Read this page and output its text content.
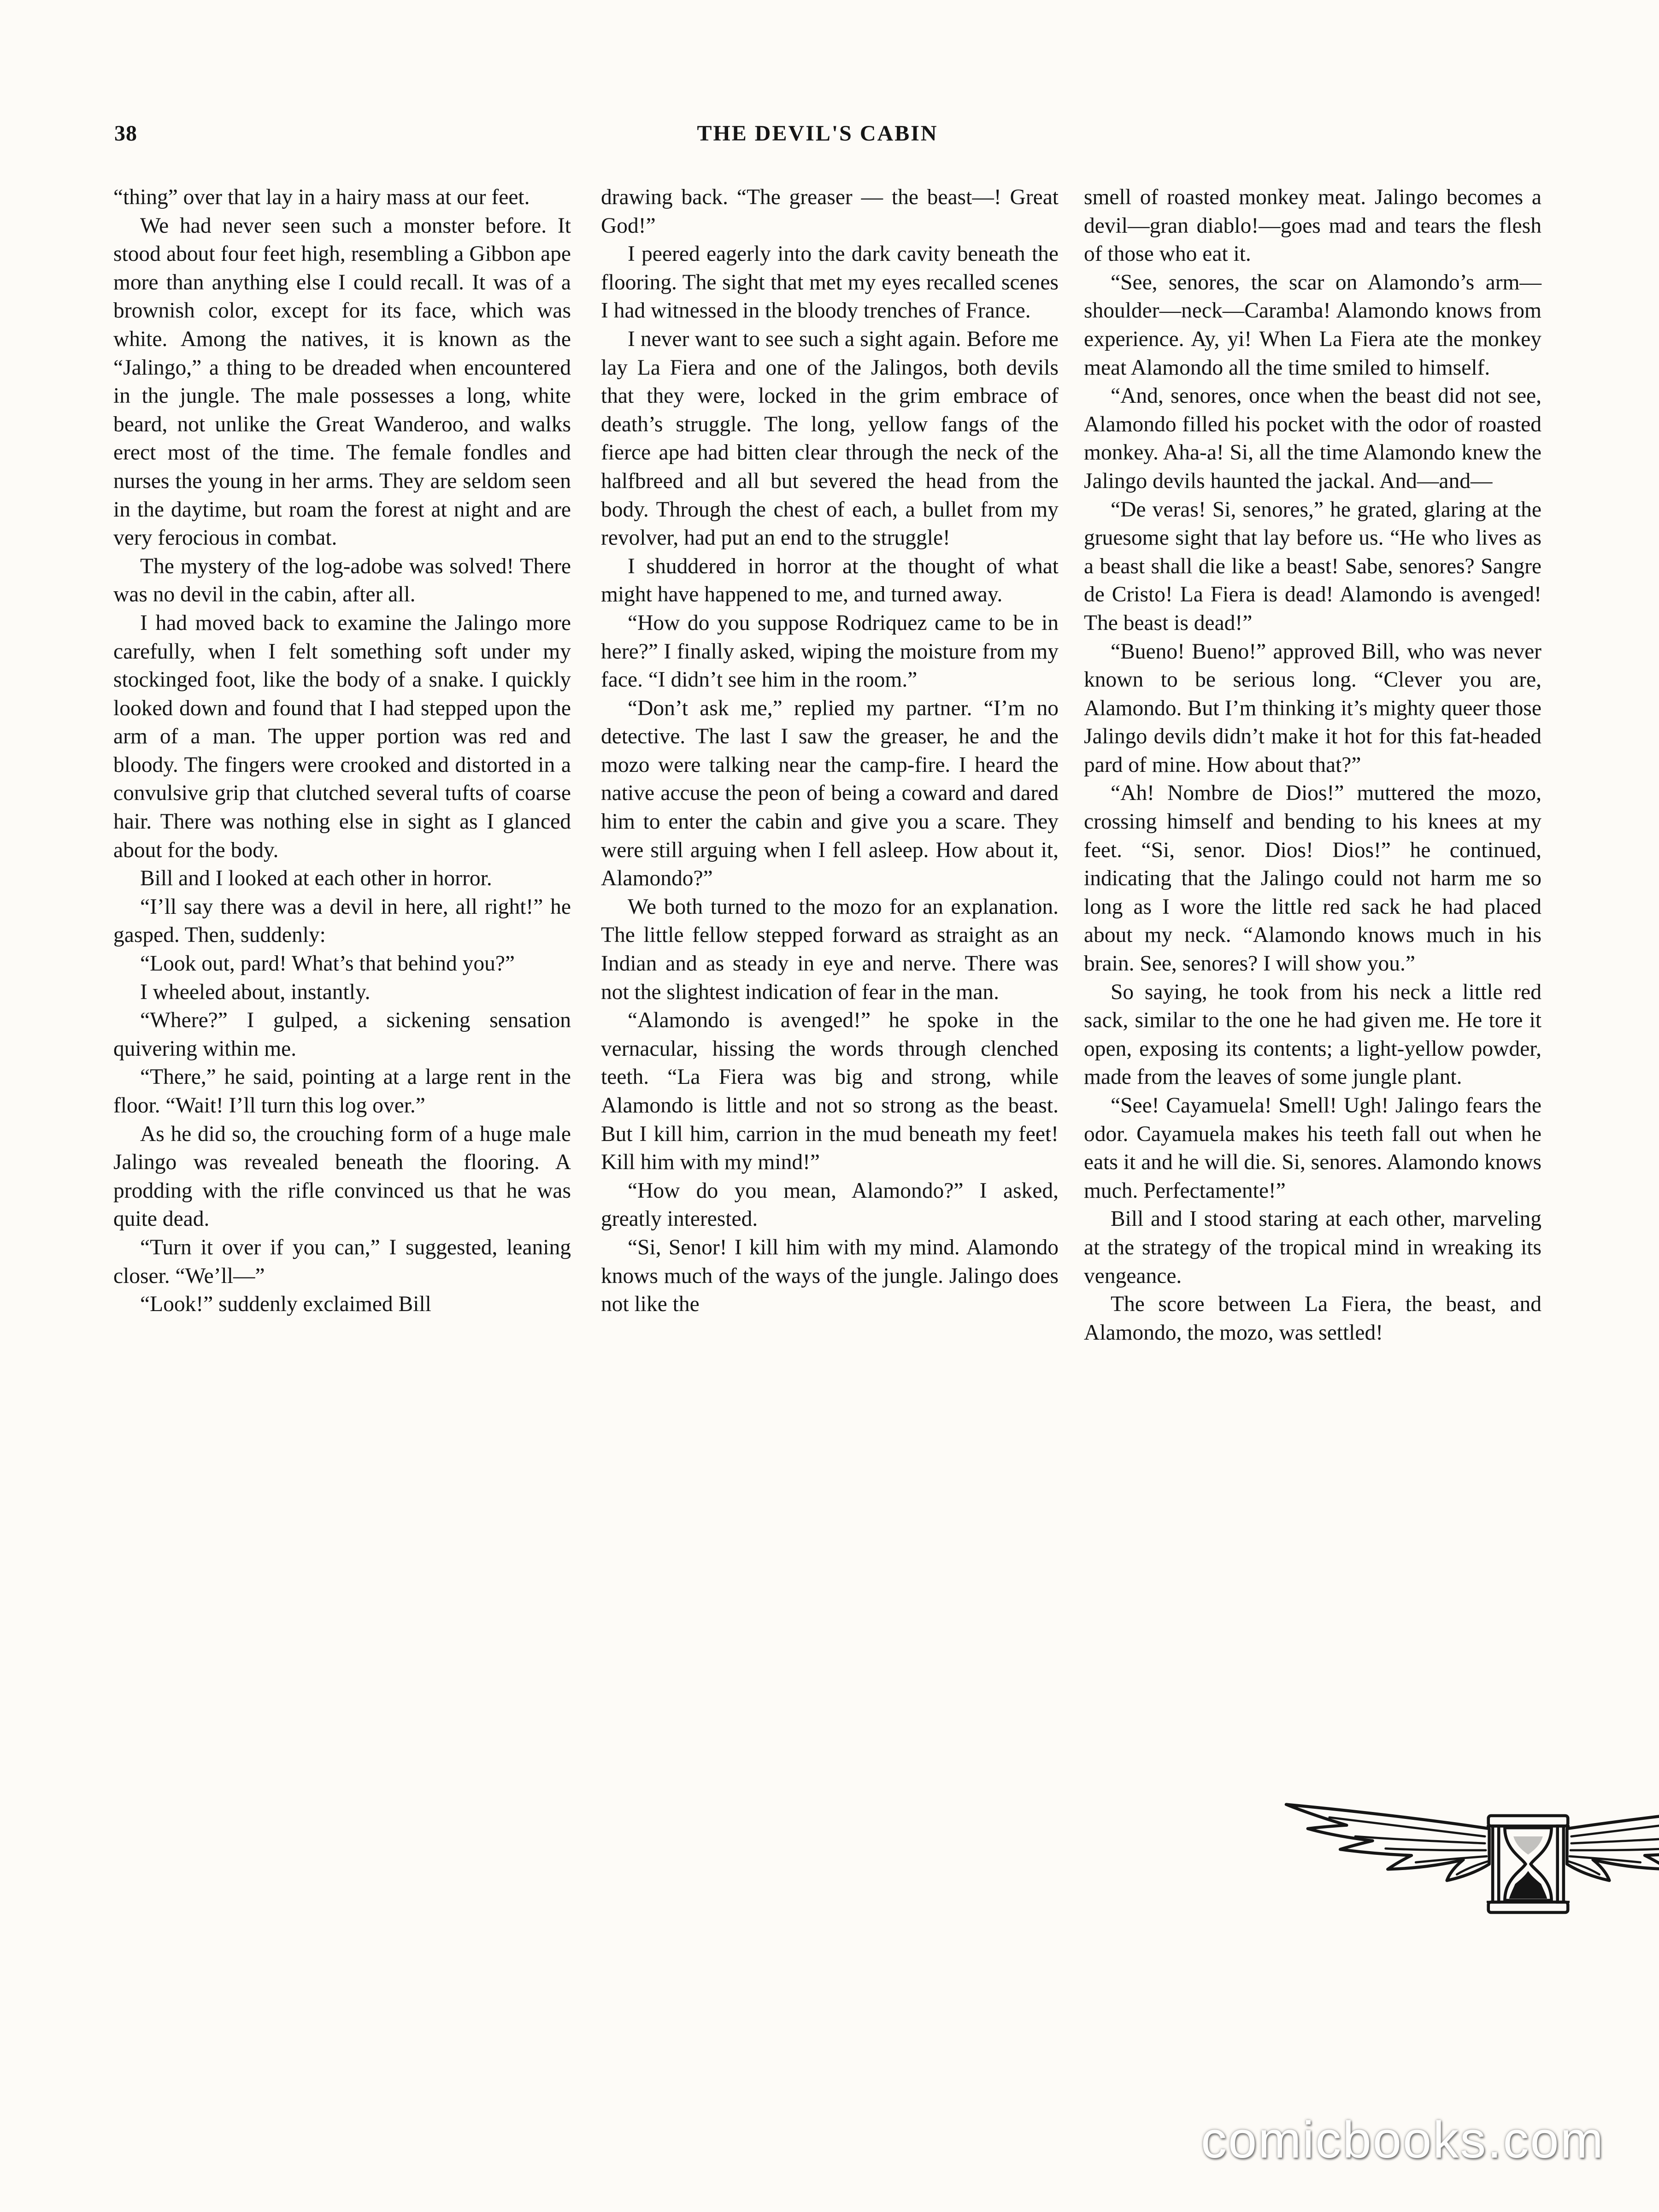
38	THE DEVIL'S CABIN

“thing” over that lay in a hairy mass at our feet.

We had never seen such a monster before. It stood about four feet high, resembling a Gibbon ape more than anything else I could recall. It was of a brownish color, except for its face, which was white. Among the natives, it is known as the “Jalingo,” a thing to be dreaded when encountered in the jungle. The male possesses a long, white beard, not unlike the Great Wanderoo, and walks erect most of the time. The female fondles and nurses the young in her arms. They are seldom seen in the daytime, but roam the forest at night and are very ferocious in combat.

The mystery of the log-adobe was solved! There was no devil in the cabin, after all.

I had moved back to examine the Jalingo more carefully, when I felt something soft under my stockinged foot, like the body of a snake. I quickly looked down and found that I had stepped upon the arm of a man. The upper portion was red and bloody. The fingers were crooked and distorted in a convulsive grip that clutched several tufts of coarse hair. There was nothing else in sight as I glanced about for the body.

Bill and I looked at each other in horror.

“I’ll say there was a devil in here, all right!” he gasped. Then, suddenly:

“Look out, pard! What’s that behind you?”

I wheeled about, instantly.

“Where?” I gulped, a sickening sensation quivering within me.

“There,” he said, pointing at a large rent in the floor. “Wait! I’ll turn this log over.”

As he did so, the crouching form of a huge male Jalingo was revealed beneath the flooring. A prodding with the rifle convinced us that he was quite dead.

“Turn it over if you can,” I suggested, leaning closer. “We’ll—”

“Look!” suddenly exclaimed Bill

drawing back. “The greaser — the beast—! Great God!”

I peered eagerly into the dark cavity beneath the flooring. The sight that met my eyes recalled scenes I had witnessed in the bloody trenches of France.

I never want to see such a sight again. Before me lay La Fiera and one of the Jalingos, both devils that they were, locked in the grim embrace of death’s struggle. The long, yellow fangs of the fierce ape had bitten clear through the neck of the halfbreed and all but severed the head from the body. Through the chest of each, a bullet from my revolver, had put an end to the struggle!

I shuddered in horror at the thought of what might have happened to me, and turned away.

“How do you suppose Rodriquez came to be in here?” I finally asked, wiping the moisture from my face. “I didn’t see him in the room.”

“Don’t ask me,” replied my partner. “I’m no detective. The last I saw the greaser, he and the mozo were talking near the camp-fire. I heard the native accuse the peon of being a coward and dared him to enter the cabin and give you a scare. They were still arguing when I fell asleep. How about it, Alamondo?”

We both turned to the mozo for an explanation. The little fellow stepped forward as straight as an Indian and as steady in eye and nerve. There was not the slightest indication of fear in the man.

“Alamondo is avenged!” he spoke in the vernacular, hissing the words through clenched teeth. “La Fiera was big and strong, while Alamondo is little and not so strong as the beast. But I kill him, carrion in the mud beneath my feet! Kill him with my mind!”

“How do you mean, Alamondo?” I asked, greatly interested.

“Si, Senor! I kill him with my mind. Alamondo knows much of the ways of the jungle. Jalingo does not like the

smell of roasted monkey meat. Jalingo becomes a devil—gran diablo!—goes mad and tears the flesh of those who eat it.

“See, senores, the scar on Alamondo’s arm—shoulder—neck—Caramba! Alamondo knows from experience. Ay, yi! When La Fiera ate the monkey meat Alamondo all the time smiled to himself.

“And, senores, once when the beast did not see, Alamondo filled his pocket with the odor of roasted monkey. Aha-a! Si, all the time Alamondo knew the Jalingo devils haunted the jackal. And—and—

“De veras! Si, senores,” he grated, glaring at the gruesome sight that lay before us. “He who lives as a beast shall die like a beast! Sabe, senores? Sangre de Cristo! La Fiera is dead! Alamondo is avenged! The beast is dead!”

“Bueno! Bueno!” approved Bill, who was never known to be serious long. “Clever you are, Alamondo. But I’m thinking it’s mighty queer those Jalingo devils didn’t make it hot for this fat-headed pard of mine. How about that?”

“Ah! Nombre de Dios!” muttered the mozo, crossing himself and bending to his knees at my feet. “Si, senor. Dios! Dios!” he continued, indicating that the Jalingo could not harm me so long as I wore the little red sack he had placed about my neck. “Alamondo knows much in his brain. See, senores? I will show you.”

So saying, he took from his neck a little red sack, similar to the one he had given me. He tore it open, exposing its contents; a light-yellow powder, made from the leaves of some jungle plant.

“See! Cayamuela! Smell! Ugh! Jalingo fears the odor. Cayamuela makes his teeth fall out when he eats it and he will die. Si, senores. Alamondo knows much. Perfectamente!”

Bill and I stood staring at each other, marveling at the strategy of the tropical mind in wreaking its vengeance.

The score between La Fiera, the beast, and Alamondo, the mozo, was settled!

comicbooks.com
